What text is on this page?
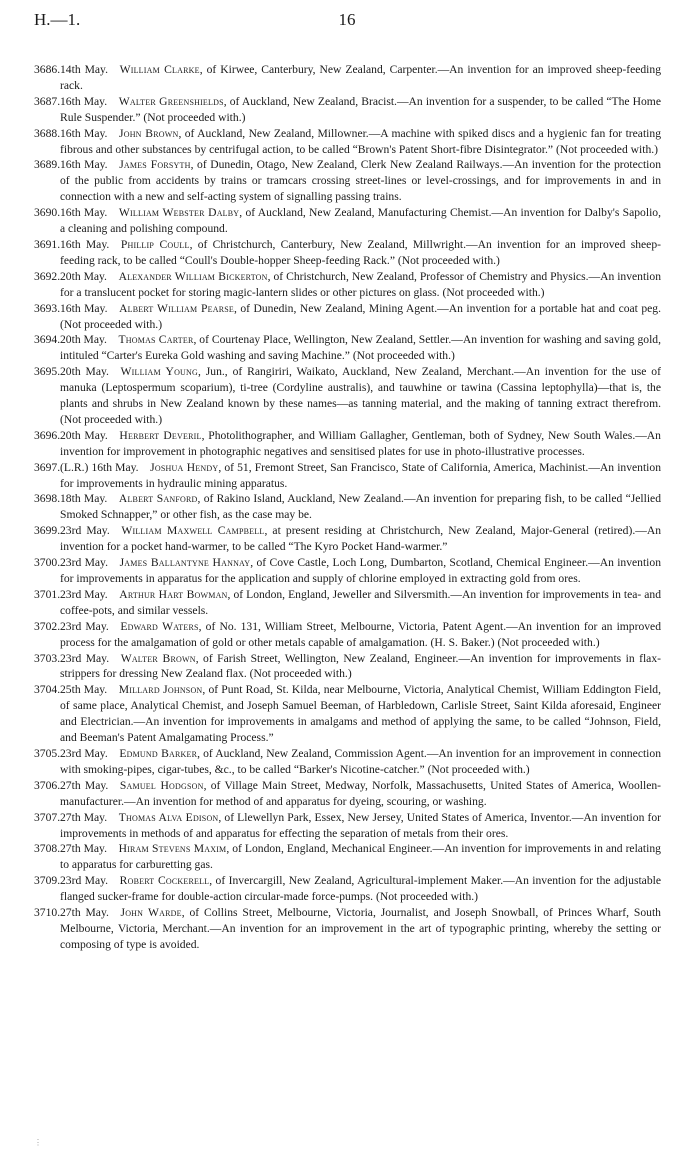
H.—1.	16
3686. 14th May.  William Clarke, of Kirwee, Canterbury, New Zealand, Carpenter.—An invention for an improved sheep-feeding rack.
3687. 16th May.  Walter Greenshields, of Auckland, New Zealand, Bracist.—An invention for a suspender, to be called “The Home Rule Suspender.” (Not proceeded with.)
3688. 16th May.  John Brown, of Auckland, New Zealand, Millowner.—A machine with spiked discs and a hygienic fan for treating fibrous and other substances by centrifugal action, to be called “Brown's Patent Short-fibre Disintegrator.” (Not proceeded with.)
3689. 16th May.  James Forsyth, of Dunedin, Otago, New Zealand, Clerk New Zealand Railways.—An invention for the protection of the public from accidents by trains or tramcars crossing street-lines or level-crossings, and for improvements in and in connection with a new and self-acting system of signalling passing trains.
3690. 16th May.  William Webster Dalby, of Auckland, New Zealand, Manufacturing Chemist.—An invention for Dalby's Sapolio, a cleaning and polishing compound.
3691. 16th May.  Phillip Coull, of Christchurch, Canterbury, New Zealand, Millwright.—An invention for an improved sheep-feeding rack, to be called “Coull's Double-hopper Sheep-feeding Rack.” (Not proceeded with.)
3692. 20th May.  Alexander William Bickerton, of Christchurch, New Zealand, Professor of Chemistry and Physics.—An invention for a translucent pocket for storing magic-lantern slides or other pictures on glass. (Not proceeded with.)
3693. 16th May.  Albert William Pearse, of Dunedin, New Zealand, Mining Agent.—An invention for a portable hat and coat peg. (Not proceeded with.)
3694. 20th May.  Thomas Carter, of Courtenay Place, Wellington, New Zealand, Settler.—An invention for washing and saving gold, intituled “Carter's Eureka Gold washing and saving Machine.” (Not proceeded with.)
3695. 20th May.  William Young, Jun., of Rangiriri, Waikato, Auckland, New Zealand, Merchant.—An invention for the use of manuka (Leptospermum scoparium), ti-tree (Cordyline australis), and tauwhine or tawina (Cassina leptophylla)—that is, the plants and shrubs in New Zealand known by these names—as tanning material, and the making of tanning extract therefrom. (Not proceeded with.)
3696. 20th May.  Herbert Deveril, Photolithographer, and William Gallagher, Gentleman, both of Sydney, New South Wales.—An invention for improvement in photographic negatives and sensitised plates for use in photo-illustrative processes.
3697. (L.R.) 16th May.  Joshua Hendy, of 51, Fremont Street, San Francisco, State of California, America, Machinist.—An invention for improvements in hydraulic mining apparatus.
3698. 18th May.  Albert Sanford, of Rakino Island, Auckland, New Zealand.—An invention for preparing fish, to be called “Jellied Smoked Schnapper,” or other fish, as the case may be.
3699. 23rd May.  William Maxwell Campbell, at present residing at Christchurch, New Zealand, Major-General (retired).—An invention for a pocket hand-warmer, to be called “The Kyro Pocket Hand-warmer.”
3700. 23rd May.  James Ballantyne Hannay, of Cove Castle, Loch Long, Dumbarton, Scotland, Chemical Engineer.—An invention for improvements in apparatus for the application and supply of chlorine employed in extracting gold from ores.
3701. 23rd May.  Arthur Hart Bowman, of London, England, Jeweller and Silversmith.—An invention for improvements in tea- and coffee-pots, and similar vessels.
3702. 23rd May.  Edward Waters, of No. 131, William Street, Melbourne, Victoria, Patent Agent.—An invention for an improved process for the amalgamation of gold or other metals capable of amalgamation. (H. S. Baker.) (Not proceeded with.)
3703. 23rd May.  Walter Brown, of Farish Street, Wellington, New Zealand, Engineer.—An invention for improvements in flax-strippers for dressing New Zealand flax. (Not proceeded with.)
3704. 25th May.  Millard Johnson, of Punt Road, St. Kilda, near Melbourne, Victoria, Analytical Chemist, William Eddington Field, of same place, Analytical Chemist, and Joseph Samuel Beeman, of Harbledown, Carlisle Street, Saint Kilda aforesaid, Engineer and Electrician.—An invention for improvements in amalgams and method of applying the same, to be called “Johnson, Field, and Beeman's Patent Amalgamating Process.”
3705. 23rd May.  Edmund Barker, of Auckland, New Zealand, Commission Agent.—An invention for an improvement in connection with smoking-pipes, cigar-tubes, &c., to be called “Barker's Nicotine-catcher.” (Not proceeded with.)
3706. 27th May.  Samuel Hodgson, of Village Main Street, Medway, Norfolk, Massachusetts, United States of America, Woollen-manufacturer.—An invention for method of and apparatus for dyeing, scouring, or washing.
3707. 27th May.  Thomas Alva Edison, of Llewellyn Park, Essex, New Jersey, United States of America, Inventor.—An invention for improvements in methods of and apparatus for effecting the separation of metals from their ores.
3708. 27th May.  Hiram Stevens Maxim, of London, England, Mechanical Engineer.—An invention for improvements in and relating to apparatus for carburetting gas.
3709. 23rd May.  Robert Cockerell, of Invercargill, New Zealand, Agricultural-implement Maker.—An invention for the adjustable flanged sucker-frame for double-action circular-made force-pumps. (Not proceeded with.)
3710. 27th May.  John Warde, of Collins Street, Melbourne, Victoria, Journalist, and Joseph Snowball, of Princes Wharf, South Melbourne, Victoria, Merchant.—An invention for an improvement in the art of typographic printing, whereby the setting or composing of type is avoided.
⋮
